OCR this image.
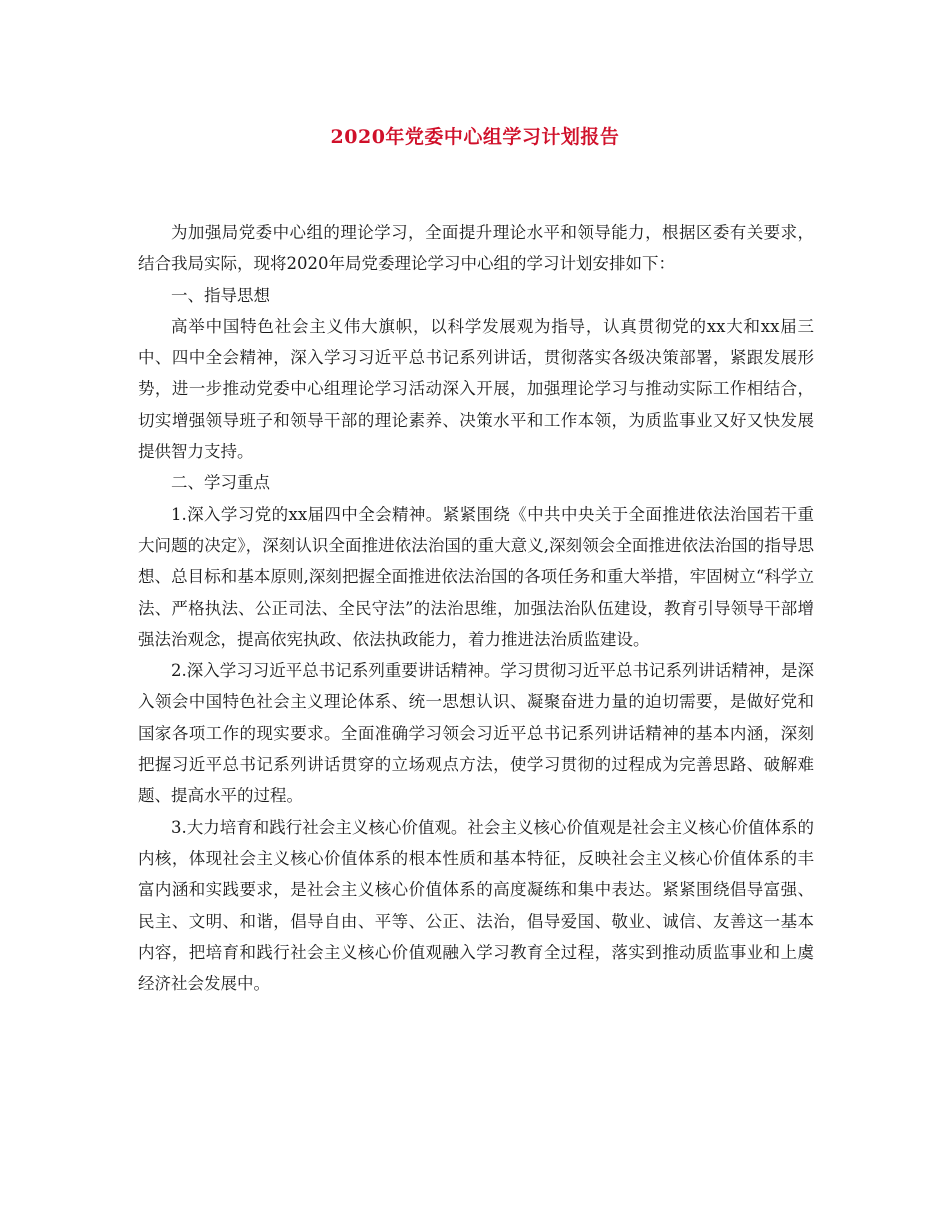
2020年党委中心组学习计划报告

为加强局党委中心组的理论学习，全面提升理论水平和领导能力，根据区委有关要求，结合我局实际，现将2020年局党委理论学习中心组的学习计划安排如下：

一、指导思想

高举中国特色社会主义伟大旗帜，以科学发展观为指导，认真贯彻党的xx大和xx届三中、四中全会精神，深入学习习近平总书记系列讲话，贯彻落实各级决策部署，紧跟发展形势，进一步推动党委中心组理论学习活动深入开展，加强理论学习与推动实际工作相结合，切实增强领导班子和领导干部的理论素养、决策水平和工作本领，为质监事业又好又快发展提供智力支持。

二、学习重点

1.深入学习党的xx届四中全会精神。紧紧围绕《中共中央关于全面推进依法治国若干重大问题的决定》，深刻认识全面推进依法治国的重大意义,深刻领会全面推进依法治国的指导思想、总目标和基本原则,深刻把握全面推进依法治国的各项任务和重大举措，牢固树立“科学立法、严格执法、公正司法、全民守法”的法治思维，加强法治队伍建设，教育引导领导干部增强法治观念，提高依宪执政、依法执政能力，着力推进法治质监建设。

2.深入学习习近平总书记系列重要讲话精神。学习贯彻习近平总书记系列讲话精神，是深入领会中国特色社会主义理论体系、统一思想认识、凝聚奋进力量的迫切需要，是做好党和国家各项工作的现实要求。全面准确学习领会习近平总书记系列讲话精神的基本内涵，深刻把握习近平总书记系列讲话贯穿的立场观点方法，使学习贯彻的过程成为完善思路、破解难题、提高水平的过程。

3.大力培育和践行社会主义核心价值观。社会主义核心价值观是社会主义核心价值体系的内核，体现社会主义核心价值体系的根本性质和基本特征，反映社会主义核心价值体系的丰富内涵和实践要求，是社会主义核心价值体系的高度凝练和集中表达。紧紧围绕倡导富强、民主、文明、和谐，倡导自由、平等、公正、法治，倡导爱国、敬业、诚信、友善这一基本内容，把培育和践行社会主义核心价值观融入学习教育全过程，落实到推动质监事业和上虞经济社会发展中。
